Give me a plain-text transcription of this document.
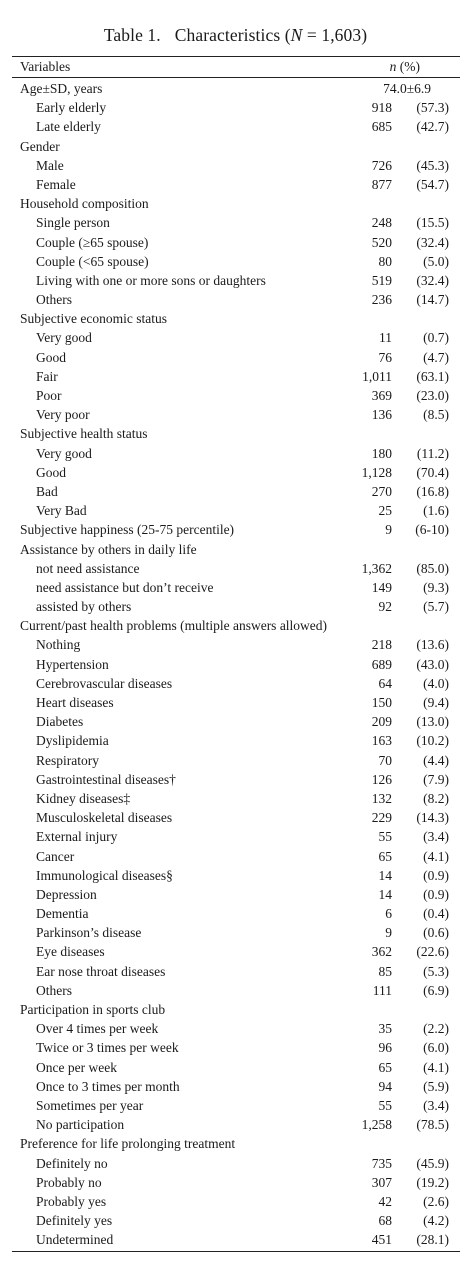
Table 1. Characteristics (N = 1,603)
Variables	n (%)
Age±SD, years	74.0±6.9
Early elderly	918 (57.3)
Late elderly	685 (42.7)
Gender
Male	726 (45.3)
Female	877 (54.7)
Household composition
Single person	248 (15.5)
Couple (≥65 spouse)	520 (32.4)
Couple (<65 spouse)	80 (5.0)
Living with one or more sons or daughters	519 (32.4)
Others	236 (14.7)
Subjective economic status
Very good	11 (0.7)
Good	76 (4.7)
Fair	1,011 (63.1)
Poor	369 (23.0)
Very poor	136 (8.5)
Subjective health status
Very good	180 (11.2)
Good	1,128 (70.4)
Bad	270 (16.8)
Very Bad	25 (1.6)
Subjective happiness (25-75 percentile)	9 (6-10)
Assistance by others in daily life
not need assistance	1,362 (85.0)
need assistance but don’t receive	149 (9.3)
assisted by others	92 (5.7)
Current/past health problems (multiple answers allowed)
Nothing	218 (13.6)
Hypertension	689 (43.0)
Cerebrovascular diseases	64 (4.0)
Heart diseases	150 (9.4)
Diabetes	209 (13.0)
Dyslipidemia	163 (10.2)
Respiratory	70 (4.4)
Gastrointestinal diseases†	126 (7.9)
Kidney diseases‡	132 (8.2)
Musculoskeletal diseases	229 (14.3)
External injury	55 (3.4)
Cancer	65 (4.1)
Immunological diseases§	14 (0.9)
Depression	14 (0.9)
Dementia	6 (0.4)
Parkinson’s disease	9 (0.6)
Eye diseases	362 (22.6)
Ear nose throat diseases	85 (5.3)
Others	111 (6.9)
Participation in sports club
Over 4 times per week	35 (2.2)
Twice or 3 times per week	96 (6.0)
Once per week	65 (4.1)
Once to 3 times per month	94 (5.9)
Sometimes per year	55 (3.4)
No participation	1,258 (78.5)
Preference for life prolonging treatment
Definitely no	735 (45.9)
Probably no	307 (19.2)
Probably yes	42 (2.6)
Definitely yes	68 (4.2)
Undetermined	451 (28.1)
